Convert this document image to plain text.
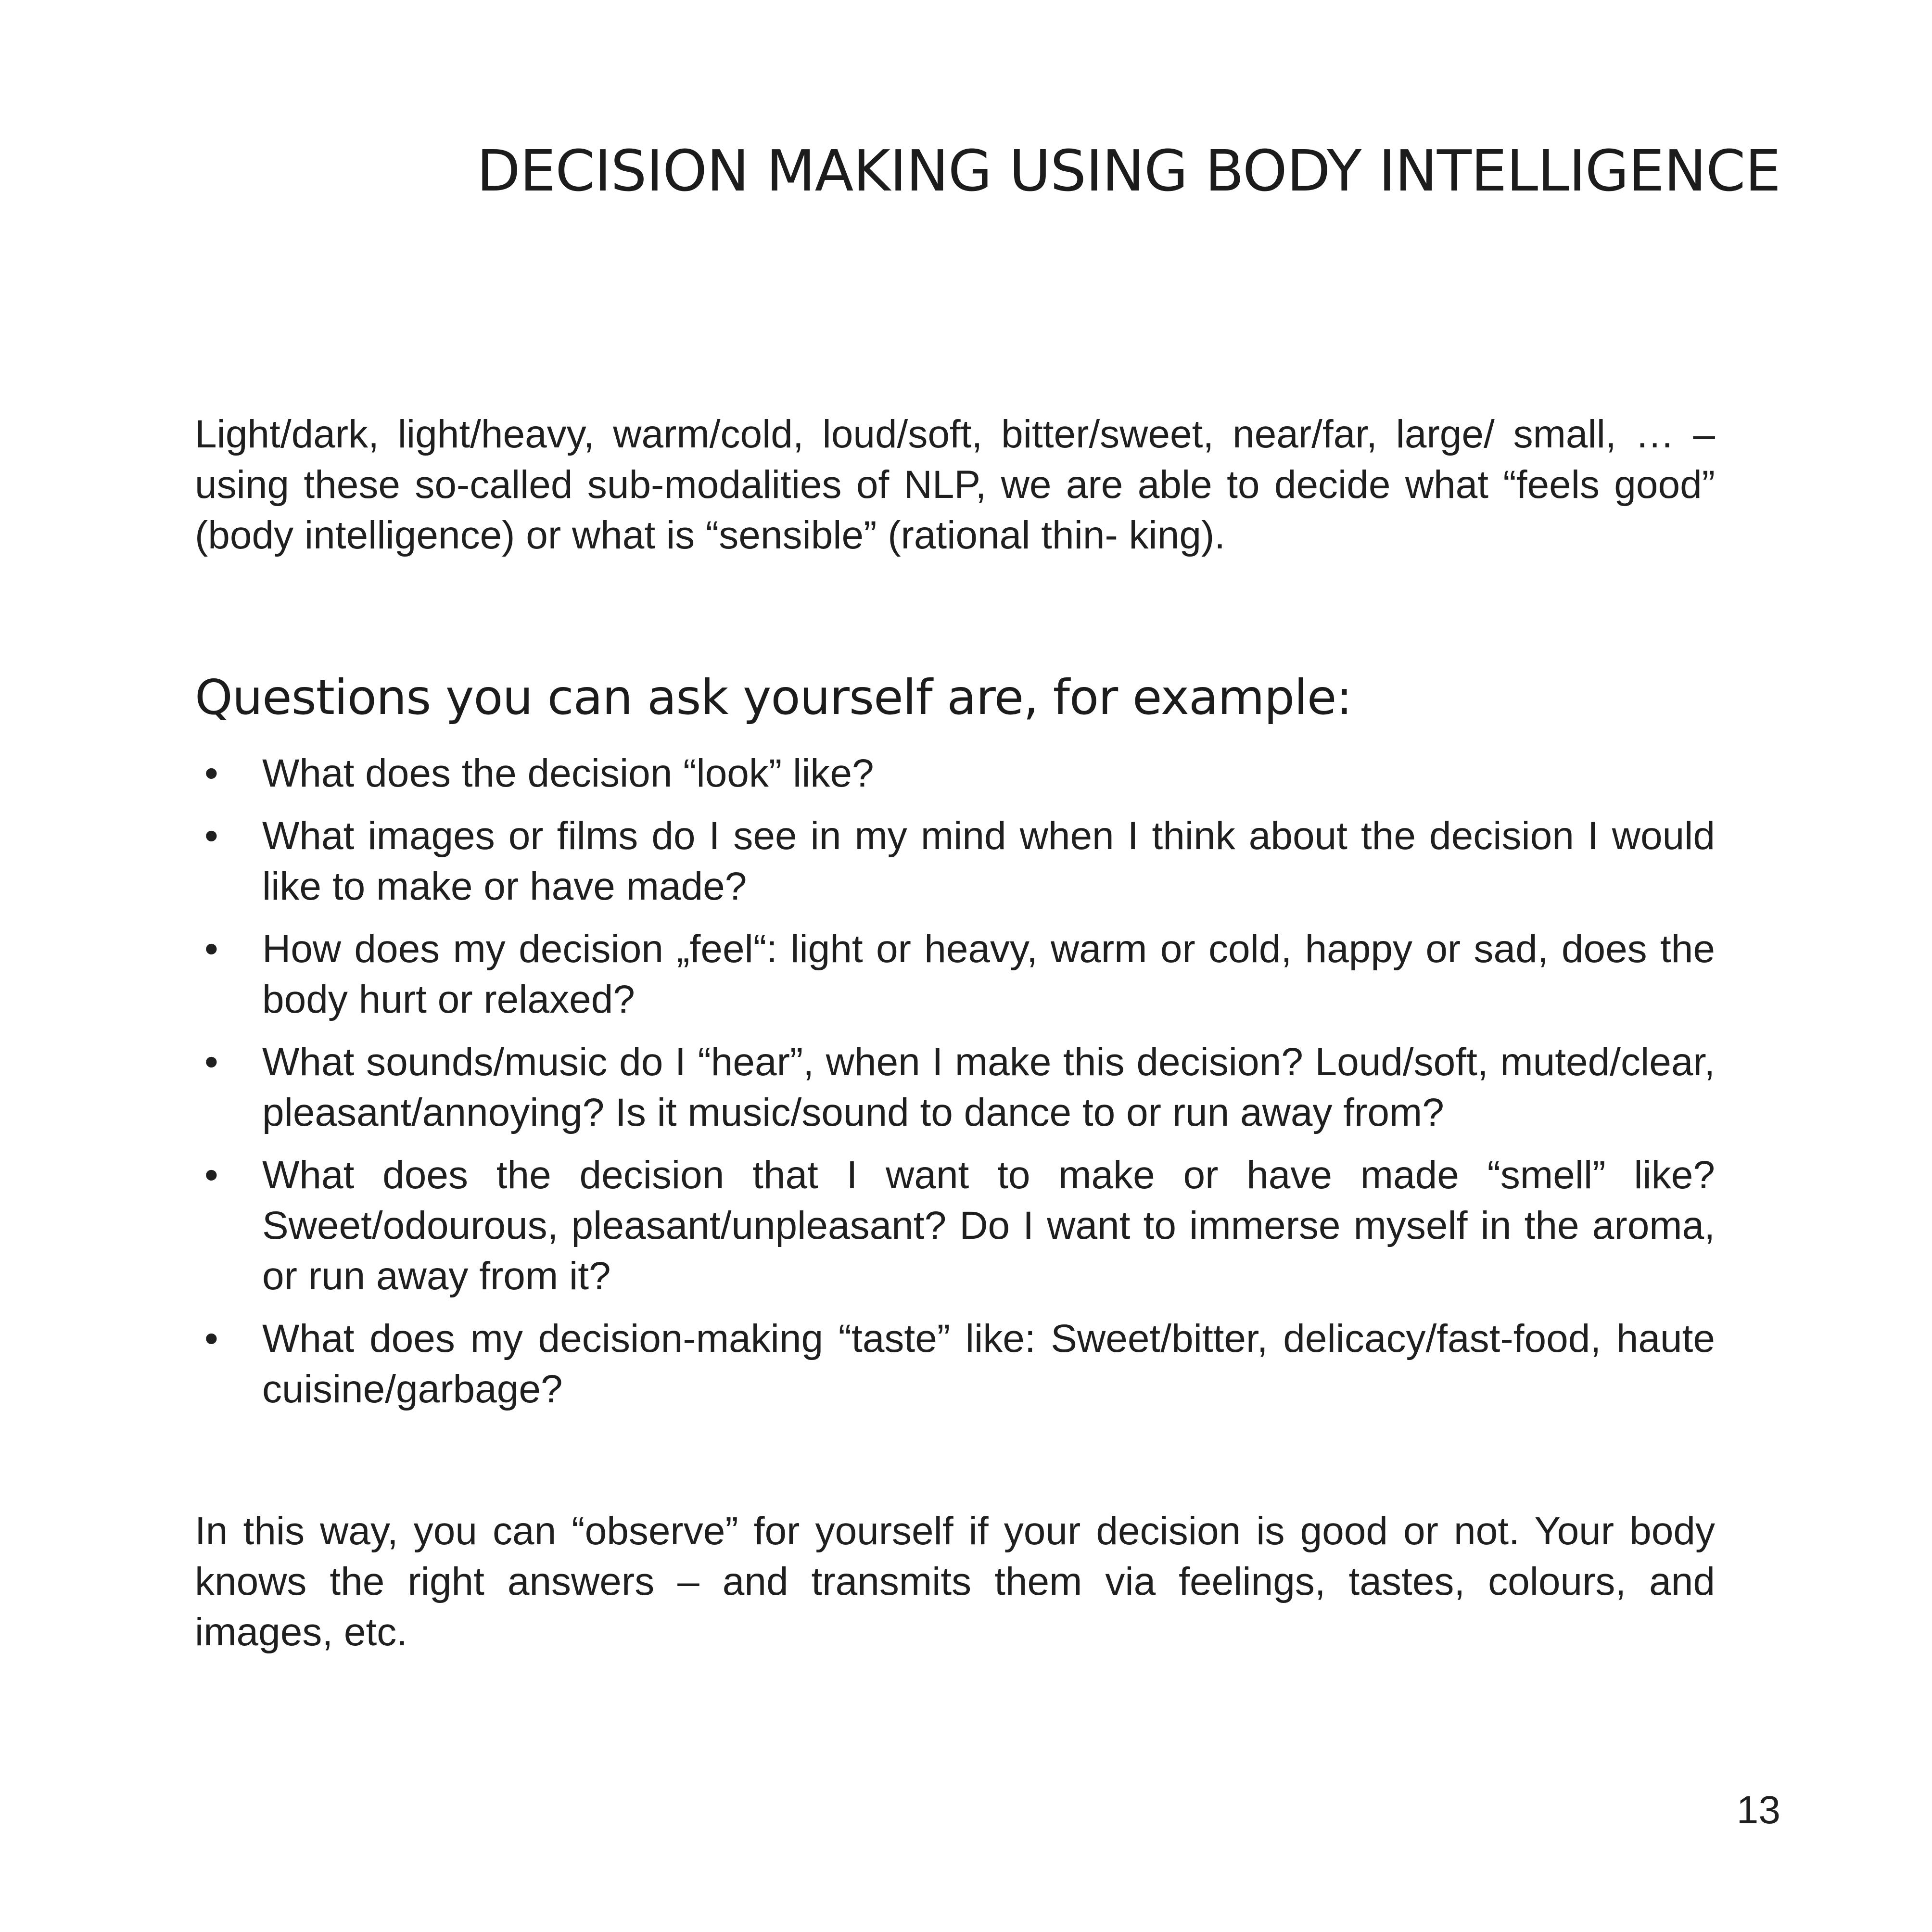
DECISION MAKING USING BODY INTELLIGENCE

Light/dark, light/heavy, warm/cold, loud/soft, bitter/sweet, near/far, large/ small, … – using these so-called sub-modalities of NLP, we are able to decide what “feels good” (body intelligence) or what is “sensible” (rational thin- king).

Questions you can ask yourself are, for example:
•	What does the decision “look” like?
•	What images or films do I see in my mind when I think about the decision I would like to make or have made?
•	How does my decision „feel“: light or heavy, warm or cold, happy or sad, does the body hurt or relaxed?
•	What sounds/music do I “hear”, when I make this decision? Loud/soft, muted/clear, pleasant/annoying? Is it music/sound to dance to or run away from?
•	What does the decision that I want to make or have made “smell” like? Sweet/odourous, pleasant/unpleasant? Do I want to immerse myself in the aroma, or run away from it?
•	What does my decision-making “taste” like: Sweet/bitter, delicacy/fast-food, haute cuisine/garbage?

In this way, you can “observe” for yourself if your decision is good or not. Your body knows the right answers – and transmits them via feelings, tastes, colours, and images, etc.

13
